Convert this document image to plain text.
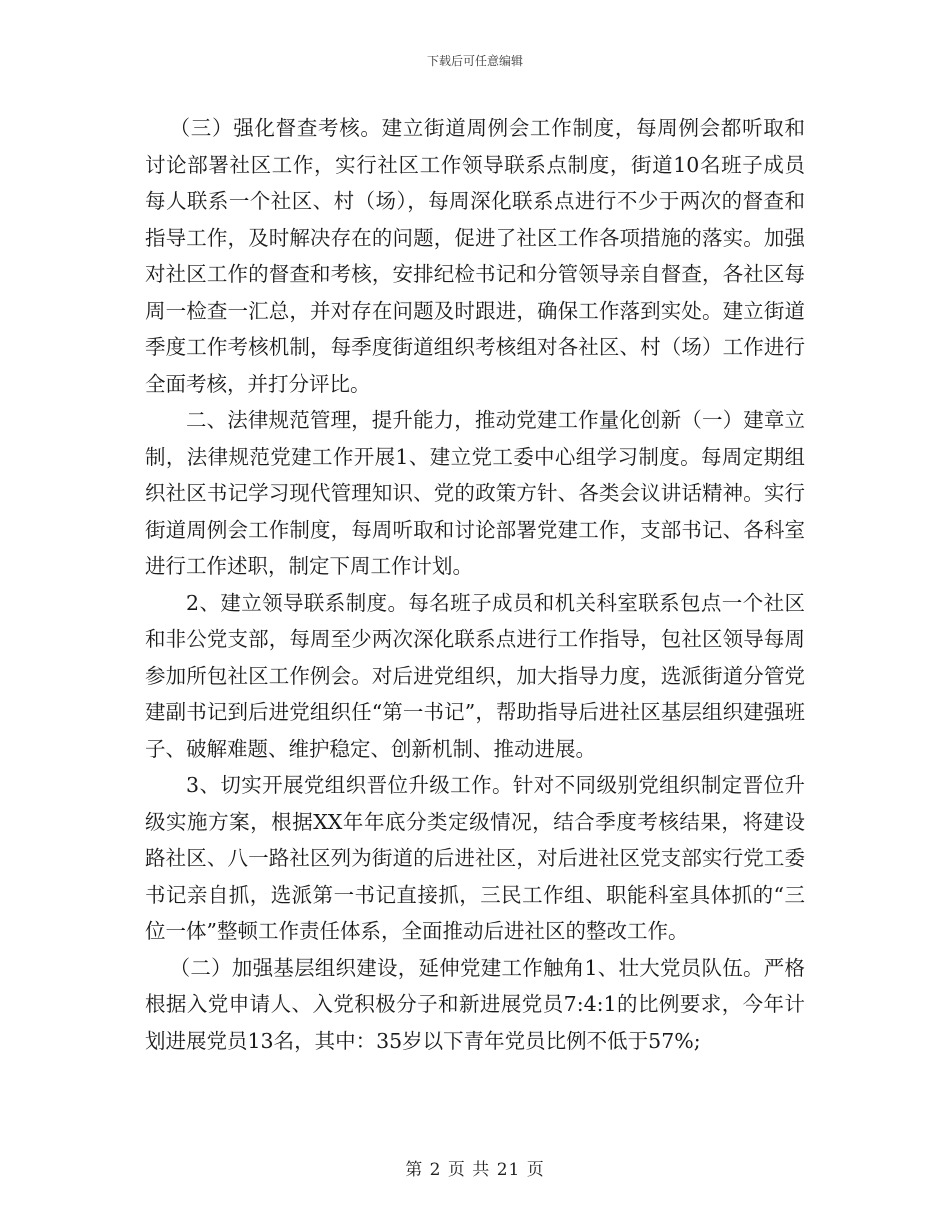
下载后可任意编辑

（三）强化督查考核。建立街道周例会工作制度，每周例会都听取和讨论部署社区工作，实行社区工作领导联系点制度，街道10名班子成员每人联系一个社区、村（场），每周深化联系点进行不少于两次的督查和指导工作，及时解决存在的问题，促进了社区工作各项措施的落实。加强对社区工作的督查和考核，安排纪检书记和分管领导亲自督查，各社区每周一检查一汇总，并对存在问题及时跟进，确保工作落到实处。建立街道季度工作考核机制，每季度街道组织考核组对各社区、村（场）工作进行全面考核，并打分评比。

二、法律规范管理，提升能力，推动党建工作量化创新（一）建章立制，法律规范党建工作开展1、建立党工委中心组学习制度。每周定期组织社区书记学习现代管理知识、党的政策方针、各类会议讲话精神。实行街道周例会工作制度，每周听取和讨论部署党建工作，支部书记、各科室进行工作述职，制定下周工作计划。

2、建立领导联系制度。每名班子成员和机关科室联系包点一个社区和非公党支部，每周至少两次深化联系点进行工作指导，包社区领导每周参加所包社区工作例会。对后进党组织，加大指导力度，选派街道分管党建副书记到后进党组织任“第一书记”，帮助指导后进社区基层组织建强班子、破解难题、维护稳定、创新机制、推动进展。

3、切实开展党组织晋位升级工作。针对不同级别党组织制定晋位升级实施方案，根据XX年年底分类定级情况，结合季度考核结果，将建设路社区、八一路社区列为街道的后进社区，对后进社区党支部实行党工委书记亲自抓，选派第一书记直接抓，三民工作组、职能科室具体抓的“三位一体”整顿工作责任体系，全面推动后进社区的整改工作。

（二）加强基层组织建设，延伸党建工作触角1、壮大党员队伍。严格根据入党申请人、入党积极分子和新进展党员7:4:1的比例要求，今年计划进展党员13名，其中：35岁以下青年党员比例不低于57%;

第 2 页 共 21 页
